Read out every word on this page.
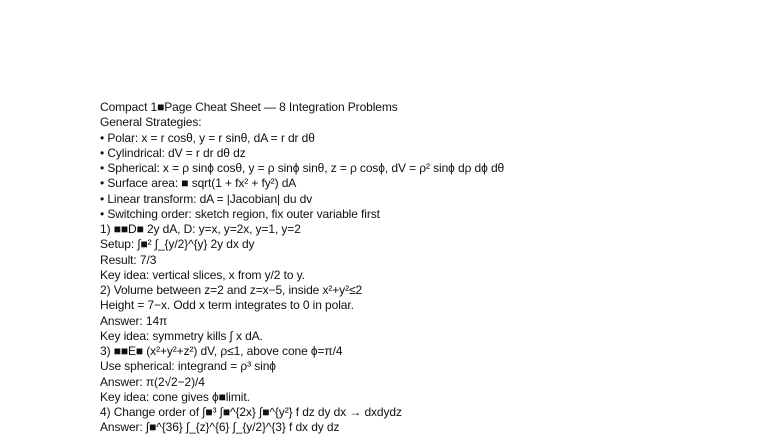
Compact 1■Page Cheat Sheet — 8 Integration Problems
General Strategies:
• Polar: x = r cosθ, y = r sinθ, dA = r dr dθ
• Cylindrical: dV = r dr dθ dz
• Spherical: x = ρ sinϕ cosθ, y = ρ sinϕ sinθ, z = ρ cosϕ, dV = ρ² sinϕ dρ dϕ dθ
• Surface area: ■ sqrt(1 + fx² + fy²) dA
• Linear transform: dA = |Jacobian| du dv
• Switching order: sketch region, fix outer variable first
1) ■■D■ 2y dA, D: y=x, y=2x, y=1, y=2
Setup: ∫■² ∫_{y/2}^{y} 2y dx dy
Result: 7/3
Key idea: vertical slices, x from y/2 to y.
2) Volume between z=2 and z=x−5, inside x²+y²≤2
Height = 7−x. Odd x term integrates to 0 in polar.
Answer: 14π
Key idea: symmetry kills ∫ x dA.
3) ■■E■ (x²+y²+z²) dV, ρ≤1, above cone ϕ=π/4
Use spherical: integrand = ρ³ sinϕ
Answer: π(2√2−2)/4
Key idea: cone gives ϕ■limit.
4) Change order of ∫■³ ∫■^{2x} ∫■^{y²} f dz dy dx → dxdydz
Answer: ∫■^{36} ∫_{z}^{6} ∫_{y/2}^{3} f dx dy dz
